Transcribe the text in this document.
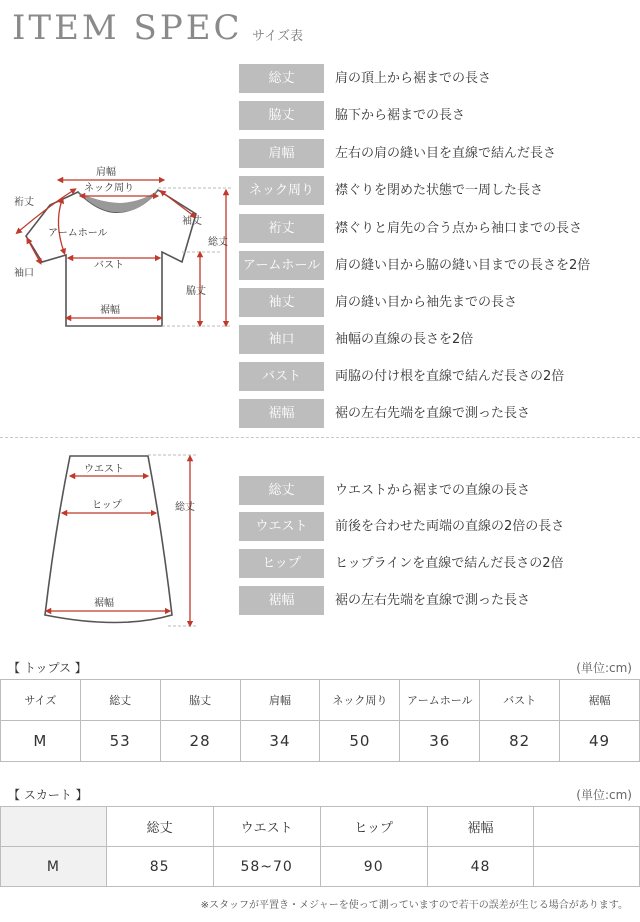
ITEM SPEC サイズ表
総丈	肩の頂上から裾までの長さ
脇丈	脇下から裾までの長さ
肩幅	左右の肩の縫い目を直線で結んだ長さ
ネック周り	襟ぐりを閉めた状態で一周した長さ
裄丈	襟ぐりと肩先の合う点から袖口までの長さ
アームホール 肩の縫い目から脇の縫い目までの長さを2倍
袖丈	肩の縫い目から袖先までの長さ
袖口	袖幅の直線の長さを2倍
バスト	両脇の付け根を直線で結んだ長さの2倍
裾幅	裾の左右先端を直線で測った長さ
肩幅
ネック周り
裄丈
アームホール
袖丈
総丈
袖口
バスト
脇丈
裾幅
総丈	ウエストから裾までの直線の長さ
ウエスト	前後を合わせた両端の直線の2倍の長さ
ヒップ	ヒップラインを直線で結んだ長さの2倍
裾幅	裾の左右先端を直線で測った長さ
ウエスト
ヒップ	総丈
裾幅
【 トップス 】	(単位:cm)
サイズ	総丈	脇丈	肩幅	ネック周り	アームホール	バスト	裾幅
M	53	28	34	50	36	82	49
【 スカート 】	(単位:cm)
	総丈	ウエスト	ヒップ	裾幅	
M	85	58~70	90	48	
※スタッフが平置き・メジャーを使って測っていますので若干の誤差が生じる場合があります。
